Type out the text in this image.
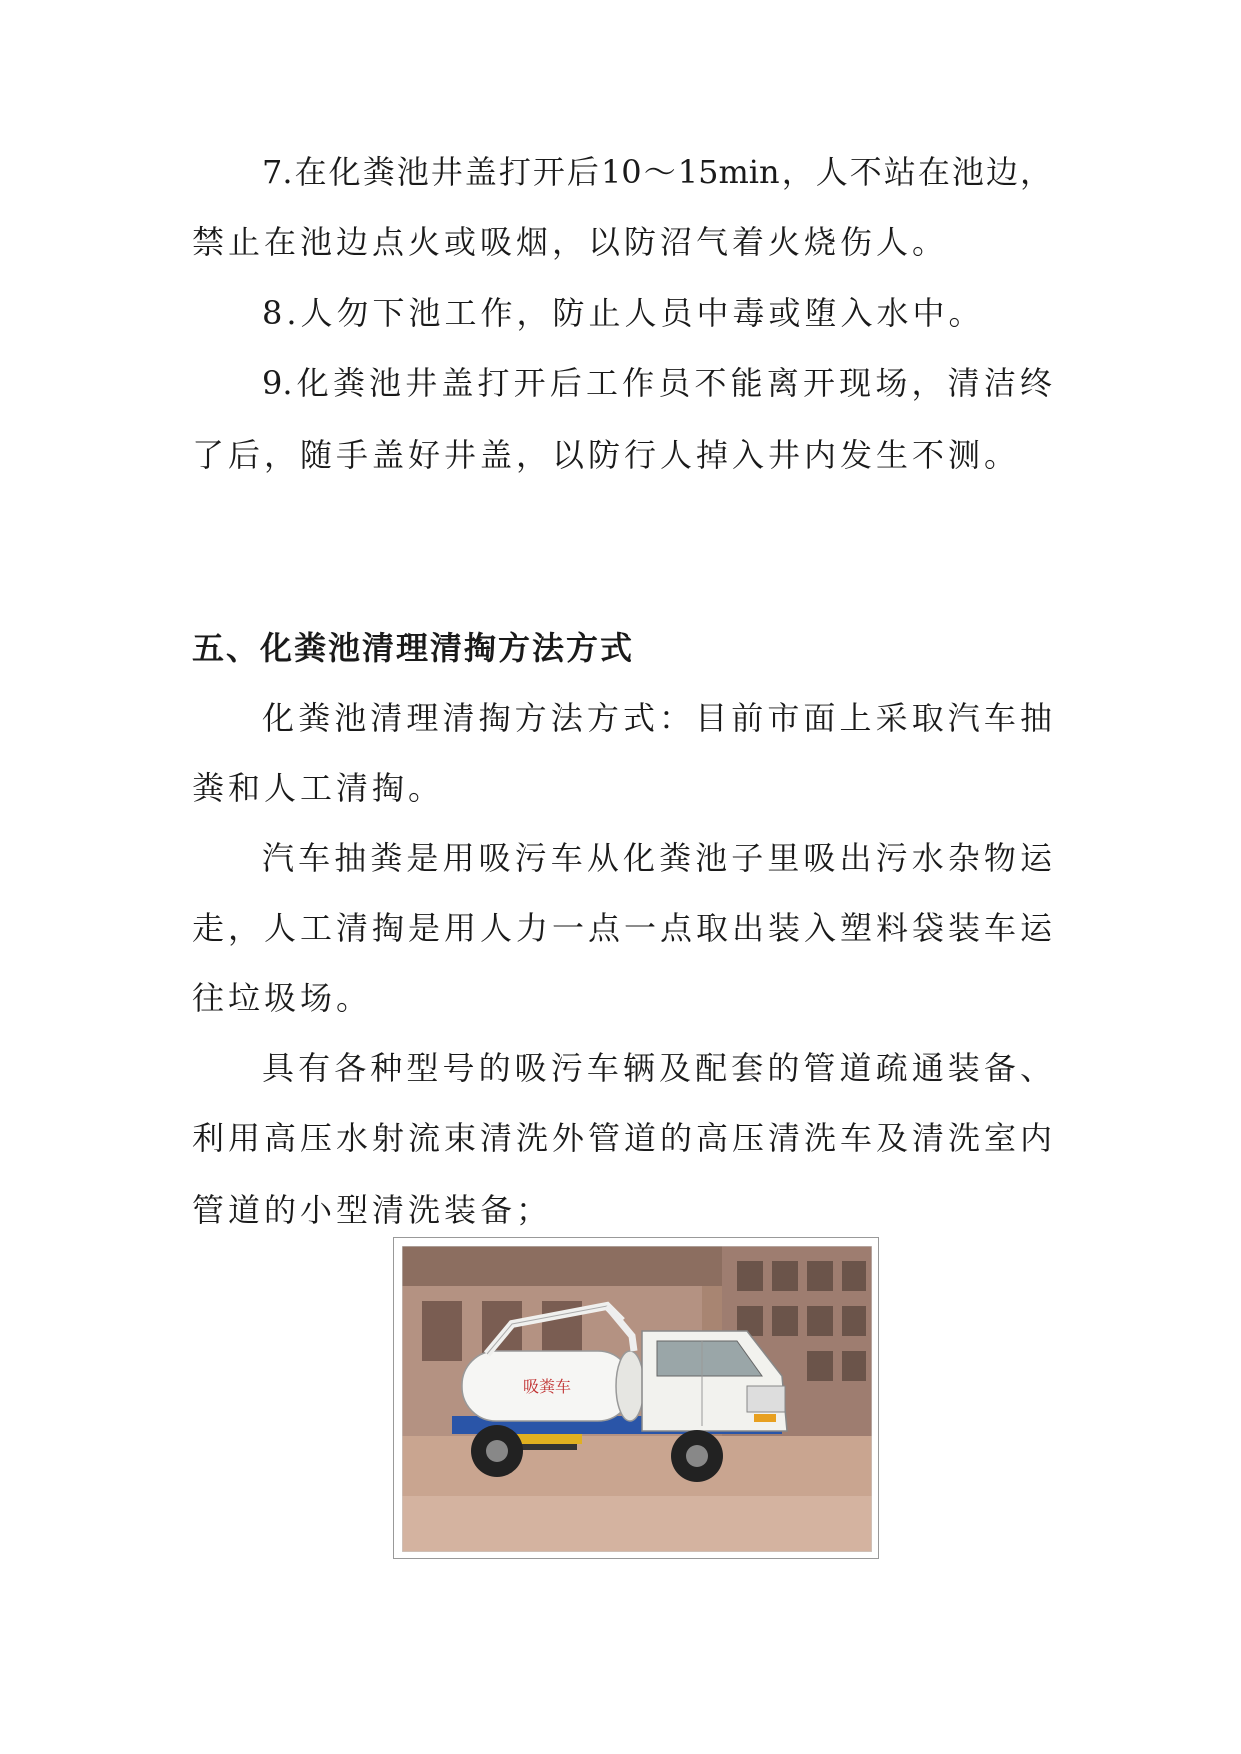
7.在化粪池井盖打开后10～15min，人不站在池边，
禁止在池边点火或吸烟，以防沼气着火烧伤人。
8.人勿下池工作，防止人员中毒或堕入水中。
9.化粪池井盖打开后工作员不能离开现场，清洁终
了后，随手盖好井盖，以防行人掉入井内发生不测。
五、化粪池清理清掏方法方式
化粪池清理清掏方法方式：目前市面上采取汽车抽
粪和人工清掏。
汽车抽粪是用吸污车从化粪池子里吸出污水杂物运
走，人工清掏是用人力一点一点取出装入塑料袋装车运
往垃圾场。
具有各种型号的吸污车辆及配套的管道疏通装备、
利用高压水射流束清洗外管道的高压清洗车及清洗室内
管道的小型清洗装备；
吸粪车
